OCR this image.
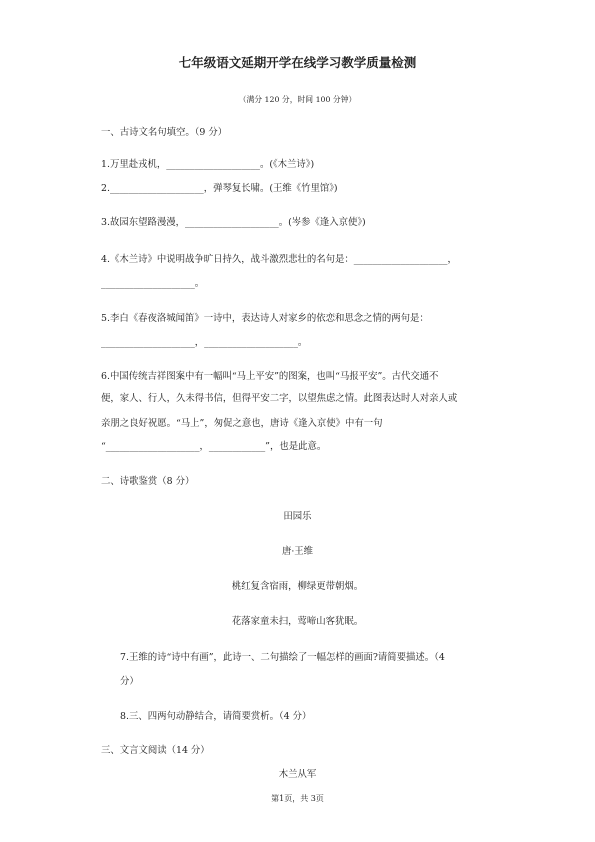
七年级语文延期开学在线学习教学质量检测
（满分 120 分，时间 100 分钟）
一、古诗文名句填空。（9 分）
1.万里赴戎机，____________________。(《木兰诗》)
2.____________________，弹琴复长啸。(王维《竹里馆》)
3.故园东望路漫漫，____________________。(岑参《逢入京使》)
4.《木兰诗》中说明战争旷日持久，战斗激烈悲壮的名句是：____________________，
____________________。
5.李白《春夜洛城闻笛》一诗中，表达诗人对家乡的依恋和思念之情的两句是：
____________________，____________________。
6.中国传统吉祥图案中有一幅叫“马上平安”的图案，也叫“马报平安”。古代交通不
便，家人、行人，久未得书信，但得平安二字，以望焦虑之情。此图表达时人对亲人或
亲朋之良好祝愿。“马上”，匆促之意也，唐诗《逢入京使》中有一句
“____________________，____________”，也是此意。
二、诗歌鉴赏（8 分）
田园乐
唐·王维
桃红复含宿雨，柳绿更带朝烟。
花落家童未扫，莺啼山客犹眠。
7.王维的诗“诗中有画”，此诗一、二句描绘了一幅怎样的画面?请简要描述。（4
分）
8.三、四两句动静结合，请简要赏析。（4 分）
三、文言文阅读（14 分）
木兰从军
第1页，共 3页
